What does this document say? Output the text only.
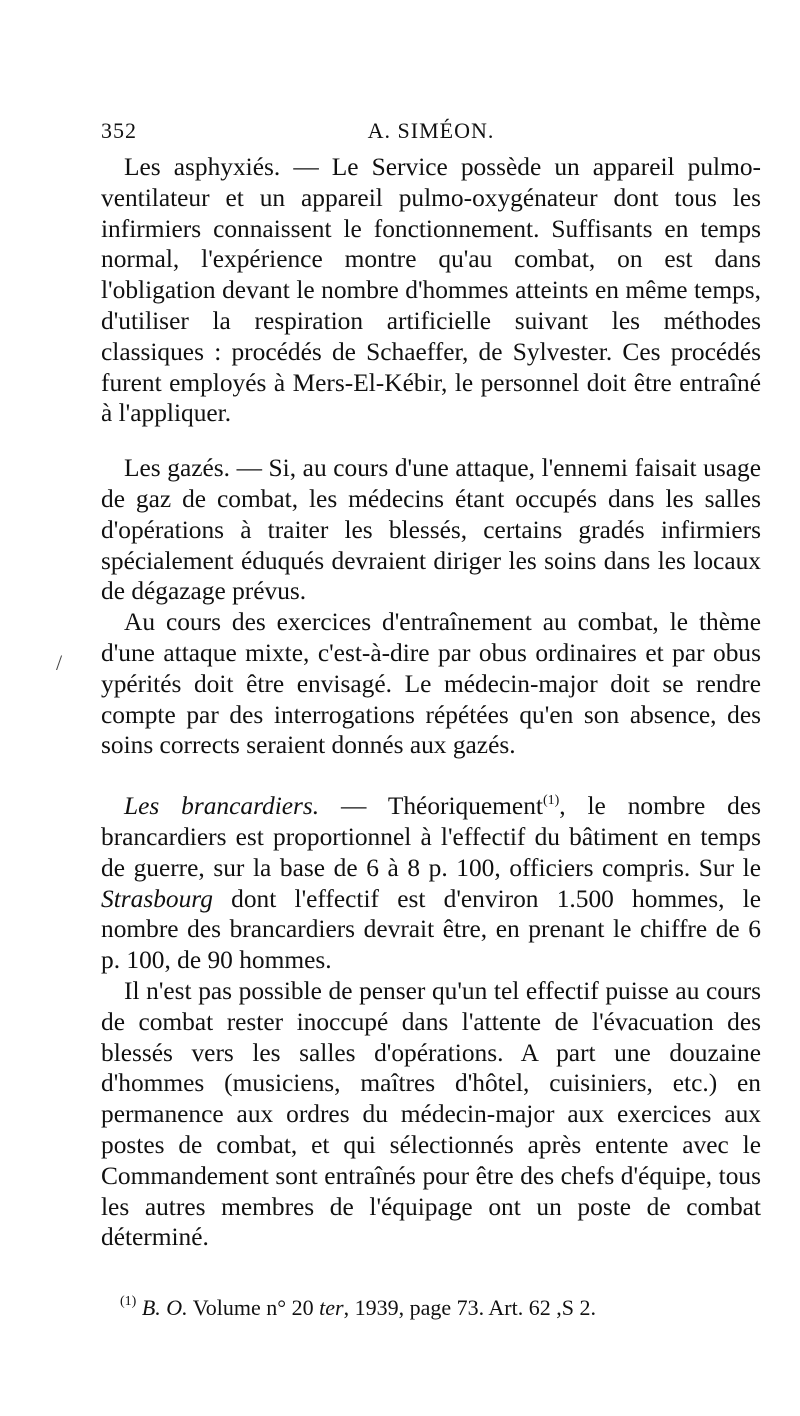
352	A. SIMÉON.
/

Les asphyxiés. — Le Service possède un appareil pulmo-ventilateur et un appareil pulmo-oxygénateur dont tous les infirmiers connaissent le fonctionnement. Suffisants en temps normal, l'expérience montre qu'au combat, on est dans l'obligation devant le nombre d'hommes atteints en même temps, d'utiliser la respiration artificielle suivant les méthodes classiques : procédés de Schaeffer, de Sylvester. Ces procédés furent employés à Mers-El-Kébir, le personnel doit être entraîné à l'appliquer.

Les gazés. — Si, au cours d'une attaque, l'ennemi faisait usage de gaz de combat, les médecins étant occupés dans les salles d'opérations à traiter les blessés, certains gradés infirmiers spécialement éduqués devraient diriger les soins dans les locaux de dégazage prévus.

Au cours des exercices d'entraînement au combat, le thème d'une attaque mixte, c'est-à-dire par obus ordinaires et par obus ypérités doit être envisagé. Le médecin-major doit se rendre compte par des interrogations répétées qu'en son absence, des soins corrects seraient donnés aux gazés.

Les brancardiers. — Théoriquement$^{(1)}$, le nombre des brancardiers est proportionnel à l'effectif du bâtiment en temps de guerre, sur la base de 6 à 8 p. 100, officiers compris. Sur le Strasbourg dont l'effectif est d'environ 1.500 hommes, le nombre des brancardiers devrait être, en prenant le chiffre de 6 p. 100, de 90 hommes.

Il n'est pas possible de penser qu'un tel effectif puisse au cours de combat rester inoccupé dans l'attente de l'évacuation des blessés vers les salles d'opérations. A part une douzaine d'hommes (musiciens, maîtres d'hôtel, cuisiniers, etc.) en permanence aux ordres du médecin-major aux exercices aux postes de combat, et qui sélectionnés après entente avec le Commandement sont entraînés pour être des chefs d'équipe, tous les autres membres de l'équipage ont un poste de combat déterminé.

$^{(1)}$ B. O. Volume n° 20 ter, 1939, page 73. Art. 62 ,S 2.
